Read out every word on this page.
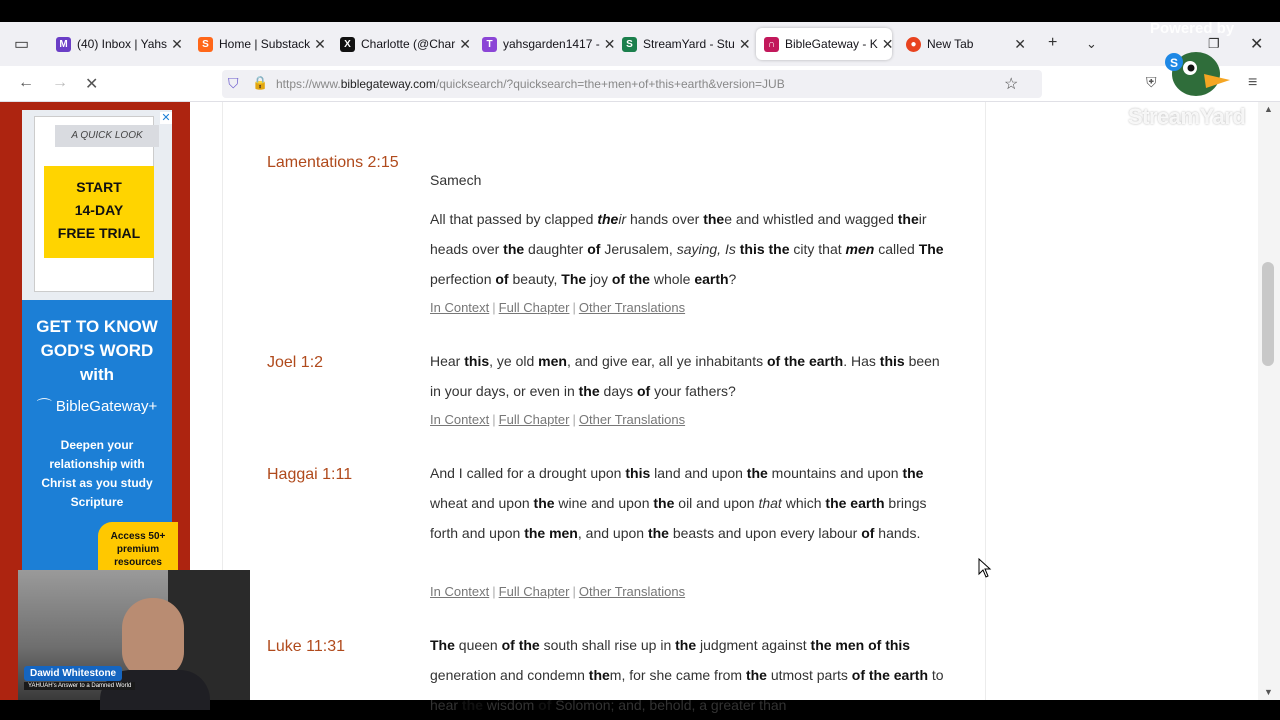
▭	M (40) Inbox | Yahs ✕	S Home | Substack ✕	X Charlotte (@Char ✕	T yahsgarden1417 - ✕	S StreamYard - Stu ✕	∩ BibleGateway - K ✕	● New Tab	✕ + ⌄	❐ ✕
← → ✕	⛉ 🔒 https://www.biblegateway.com/quicksearch/?quicksearch=the+men+of+this+earth&version=JUB	☆	⛨	≡
A QUICK LOOK
START
14-DAY
FREE TRIAL
✕
GET TO KNOW
GOD'S WORD
with
⌒ BibleGateway+
Deepen your
relationship with
Christ as you study
Scripture
Access 50+
premium
resources
Lamentations 2:15
Samech
All that passed by clapped their hands over thee and whistled and wagged their heads over the daughter of Jerusalem, saying, Is this the city that men called The perfection of beauty, The joy of the whole earth?
In Context | Full Chapter | Other Translations
Joel 1:2	Hear this, ye old men, and give ear, all ye inhabitants of the earth. Has this been in your days, or even in the days of your fathers?
In Context | Full Chapter | Other Translations
Haggai 1:11	And I called for a drought upon this land and upon the mountains and upon the wheat and upon the wine and upon the oil and upon that which the earth brings forth and upon the men, and upon the beasts and upon every labour of hands.
In Context | Full Chapter | Other Translations
Luke 11:31	The queen of the south shall rise up in the judgment against the men of this generation and condemn them, for she came from the utmost parts of the earth to hear the wisdom of Solomon; and, behold, a greater than
▲
▼
Dawid Whitestone
YAHUAH's Answer to a Damned World
Powered by
S
StreamYard
